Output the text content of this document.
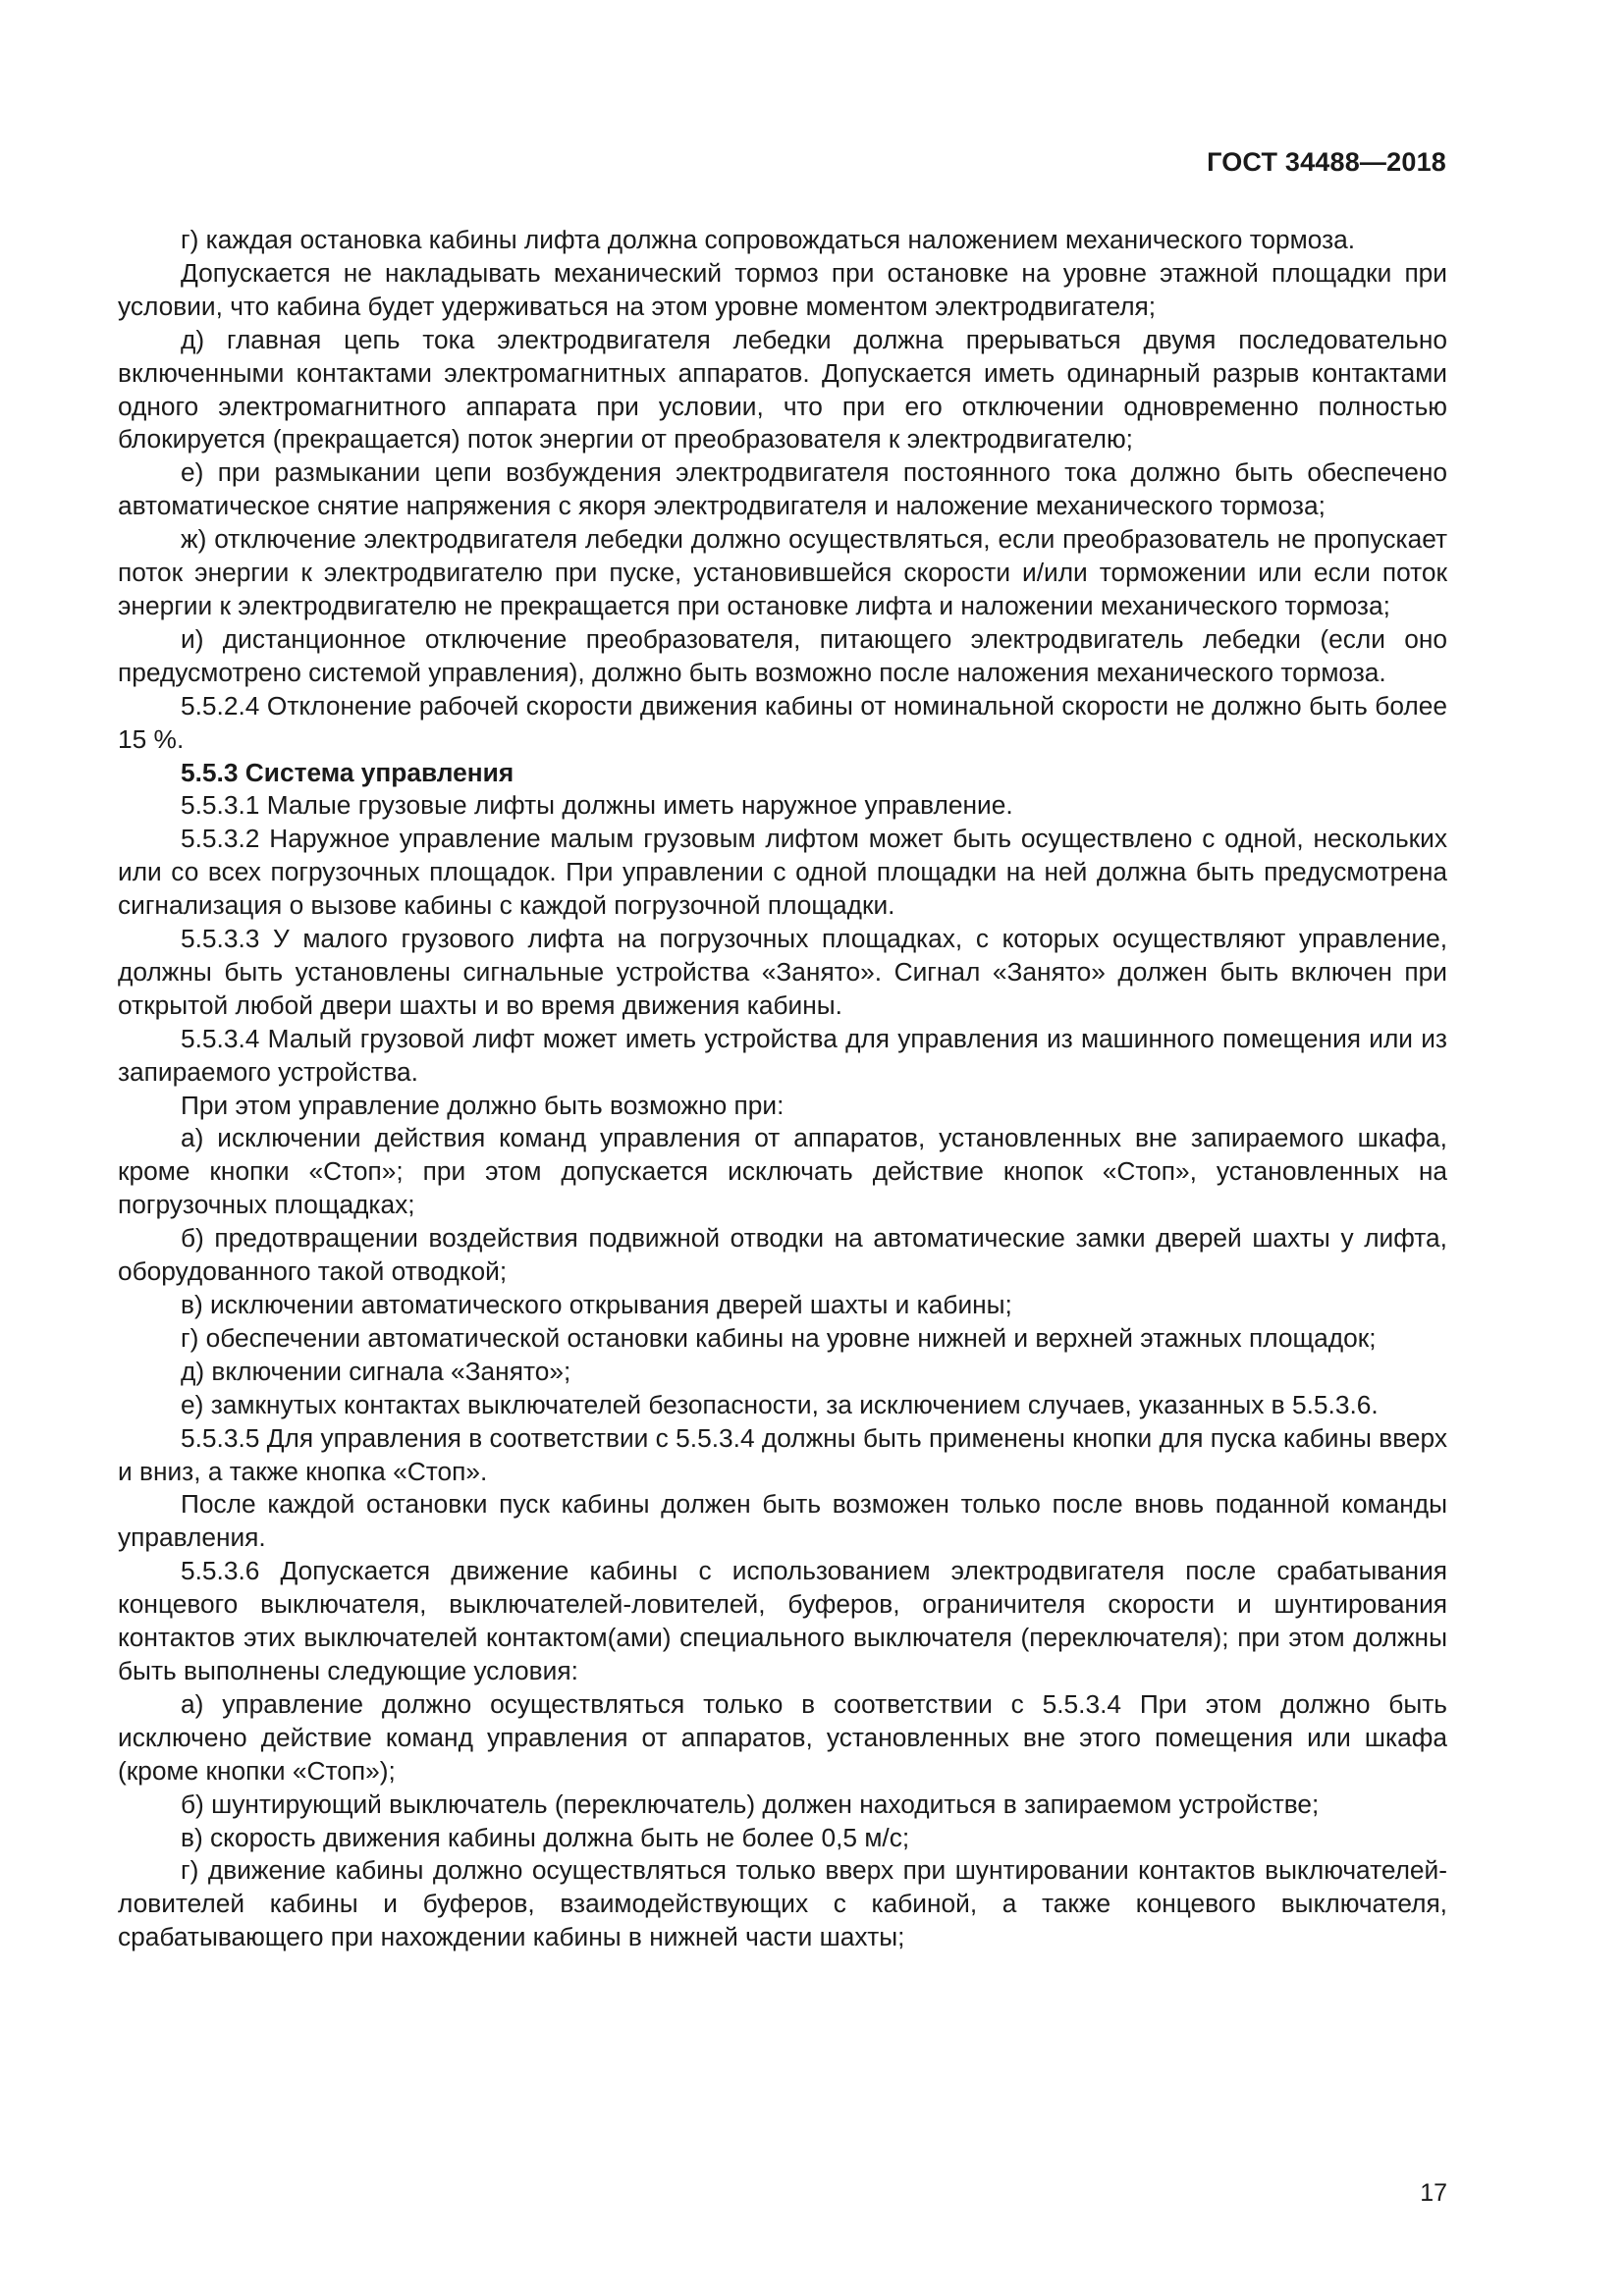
ГОСТ 34488—2018

г) каждая остановка кабины лифта должна сопровождаться наложением механического тормоза.

Допускается не накладывать механический тормоз при остановке на уровне этажной площадки при условии, что кабина будет удерживаться на этом уровне моментом электродвигателя;

д) главная цепь тока электродвигателя лебедки должна прерываться двумя последовательно включенными контактами электромагнитных аппаратов. Допускается иметь одинарный разрыв контактами одного электромагнитного аппарата при условии, что при его отключении одновременно полностью блокируется (прекращается) поток энергии от преобразователя к электродвигателю;

е) при размыкании цепи возбуждения электродвигателя постоянного тока должно быть обеспечено автоматическое снятие напряжения с якоря электродвигателя и наложение механического тормоза;

ж) отключение электродвигателя лебедки должно осуществляться, если преобразователь не пропускает поток энергии к электродвигателю при пуске, установившейся скорости и/или торможении или если поток энергии к электродвигателю не прекращается при остановке лифта и наложении механического тормоза;

и) дистанционное отключение преобразователя, питающего электродвигатель лебедки (если оно предусмотрено системой управления), должно быть возможно после наложения механического тормоза.

5.5.2.4 Отклонение рабочей скорости движения кабины от номинальной скорости не должно быть более 15 %.

5.5.3 Система управления

5.5.3.1 Малые грузовые лифты должны иметь наружное управление.

5.5.3.2 Наружное управление малым грузовым лифтом может быть осуществлено с одной, нескольких или со всех погрузочных площадок. При управлении с одной площадки на ней должна быть предусмотрена сигнализация о вызове кабины с каждой погрузочной площадки.

5.5.3.3 У малого грузового лифта на погрузочных площадках, с которых осуществляют управление, должны быть установлены сигнальные устройства «Занято». Сигнал «Занято» должен быть включен при открытой любой двери шахты и во время движения кабины.

5.5.3.4 Малый грузовой лифт может иметь устройства для управления из машинного помещения или из запираемого устройства.

При этом управление должно быть возможно при:

а) исключении действия команд управления от аппаратов, установленных вне запираемого шкафа, кроме кнопки «Стоп»; при этом допускается исключать действие кнопок «Стоп», установленных на погрузочных площадках;

б) предотвращении воздействия подвижной отводки на автоматические замки дверей шахты у лифта, оборудованного такой отводкой;

в) исключении автоматического открывания дверей шахты и кабины;

г) обеспечении автоматической остановки кабины на уровне нижней и верхней этажных площадок;

д) включении сигнала «Занято»;

е) замкнутых контактах выключателей безопасности, за исключением случаев, указанных в 5.5.3.6.

5.5.3.5 Для управления в соответствии с 5.5.3.4 должны быть применены кнопки для пуска кабины вверх и вниз, а также кнопка «Стоп».

После каждой остановки пуск кабины должен быть возможен только после вновь поданной команды управления.

5.5.3.6 Допускается движение кабины с использованием электродвигателя после срабатывания концевого выключателя, выключателей-ловителей, буферов, ограничителя скорости и шунтирования контактов этих выключателей контактом(ами) специального выключателя (переключателя); при этом должны быть выполнены следующие условия:

а) управление должно осуществляться только в соответствии с 5.5.3.4 При этом должно быть исключено действие команд управления от аппаратов, установленных вне этого помещения или шкафа (кроме кнопки «Стоп»);

б) шунтирующий выключатель (переключатель) должен находиться в запираемом устройстве;

в) скорость движения кабины должна быть не более 0,5 м/с;

г) движение кабины должно осуществляться только вверх при шунтировании контактов выключателей-ловителей кабины и буферов, взаимодействующих с кабиной, а также концевого выключателя, срабатывающего при нахождении кабины в нижней части шахты;

17
